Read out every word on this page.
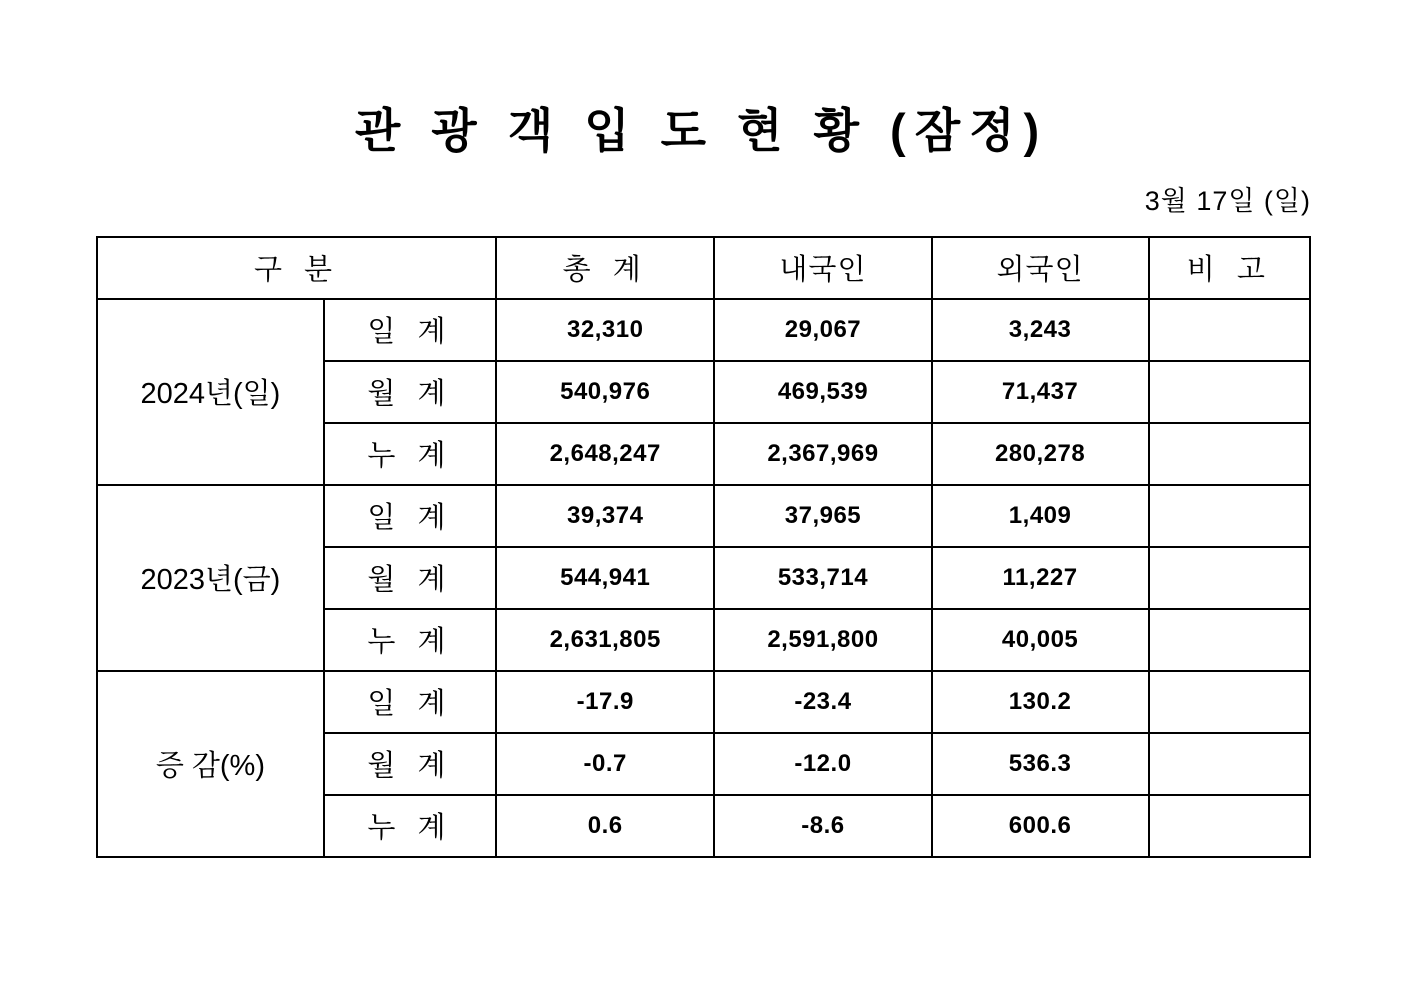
관 광 객 입 도 현 황 (잠정)
3월 17일 (일)
구 분		총 계	내국인	외국인	비 고
2024년(일)	일 계	32,310	29,067	3,243	
	월 계	540,976	469,539	71,437	
	누 계	2,648,247	2,367,969	280,278	
2023년(금)	일 계	39,374	37,965	1,409	
	월 계	544,941	533,714	11,227	
	누 계	2,631,805	2,591,800	40,005	
증 감(%)	일 계	-17.9	-23.4	130.2	
	월 계	-0.7	-12.0	536.3	
	누 계	0.6	-8.6	600.6	
